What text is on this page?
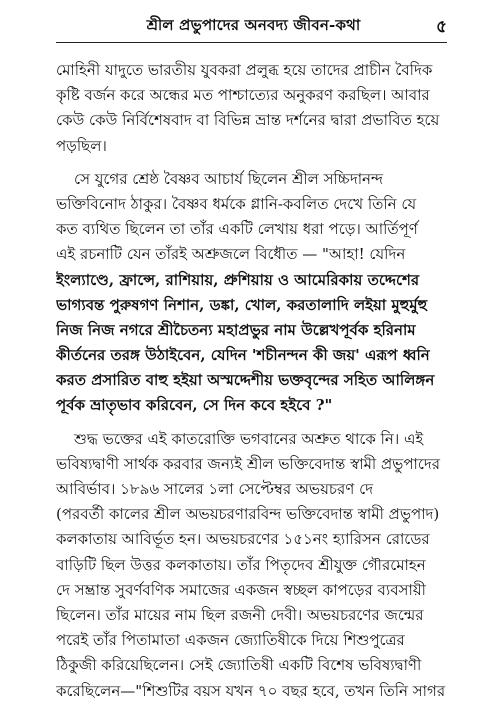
শ্রীল প্রভুপাদের অনবদ্য জীবন-কথা	৫
মোহিনী যাদুতে ভারতীয় যুবকরা প্রলুব্ধ হয়ে তাদের প্রাচীন বৈদিক
কৃষ্টি বর্জন করে অন্ধের মত পাশ্চাত্যের অনুকরণ করছিল। আবার
কেউ কেউ নির্বিশেষবাদ বা বিভিন্ন ভ্রান্ত দর্শনের দ্বারা প্রভাবিত হয়ে
পড়ছিল।
সে যুগের শ্রেষ্ঠ বৈষ্ণব আচার্য ছিলেন শ্রীল সচ্চিদানন্দ
ভক্তিবিনোদ ঠাকুর। বৈষ্ণব ধর্মকে গ্লানি-কবলিত দেখে তিনি যে
কত ব্যথিত ছিলেন তা তাঁর একটি লেখায় ধরা পড়ে। আর্তিপূর্ণ
এই রচনাটি যেন তাঁরই অশ্রুজলে বিধৌত — "আহা! যেদিন
ইংল্যাণ্ডে, ফ্রান্সে, রাশিয়ায়, প্রুশিয়ায় ও আমেরিকায় তদ্দেশের
ভাগ্যবন্ত পুরুষগণ নিশান, ডঙ্কা, খোল, করতালাদি লইয়া মুহুর্মুহু
নিজ নিজ নগরে শ্রীচৈতন্য মহাপ্রভুর নাম উল্লেখপূর্বক হরিনাম
কীর্তনের তরঙ্গ উঠাইবেন, যেদিন 'শচীনন্দন কী জয়' এরূপ ধ্বনি
করত প্রসারিত বাহু হইয়া অস্মদ্দেশীয় ভক্তবৃন্দের সহিত আলিঙ্গন
পূর্বক ভ্রাতৃভাব করিবেন, সে দিন কবে হইবে ?"
শুদ্ধ ভক্তের এই কাতরোক্তি ভগবানের অশ্রুত থাকে নি। এই
ভবিষ্যদ্বাণী সার্থক করবার জন্যই শ্রীল ভক্তিবেদান্ত স্বামী প্রভুপাদের
আবির্ভাব। ১৮৯৬ সালের ১লা সেপ্টেম্বর অভয়চরণ দে
(পরবর্তী কালের শ্রীল অভয়চরণারবিন্দ ভক্তিবেদান্ত স্বামী প্রভুপাদ)
কলকাতায় আবির্ভূত হন। অভয়চরণের ১৫১নং হ্যারিসন রোডের
বাড়িটি ছিল উত্তর কলকাতায়। তাঁর পিতৃদেব শ্রীযুক্ত গৌরমোহন
দে সম্ভ্রান্ত সুবর্ণবণিক সমাজের একজন স্বচ্ছল কাপড়ের ব্যবসায়ী
ছিলেন। তাঁর মায়ের নাম ছিল রজনী দেবী। অভয়চরণের জন্মের
পরেই তাঁর পিতামাতা একজন জ্যোতিষীকে দিয়ে শিশুপুত্রের
ঠিকুজী করিয়েছিলেন। সেই জ্যোতিষী একটি বিশেষ ভবিষ্যদ্বাণী
করেছিলেন—"শিশুটির বয়স যখন ৭০ বছর হবে, তখন তিনি সাগর
